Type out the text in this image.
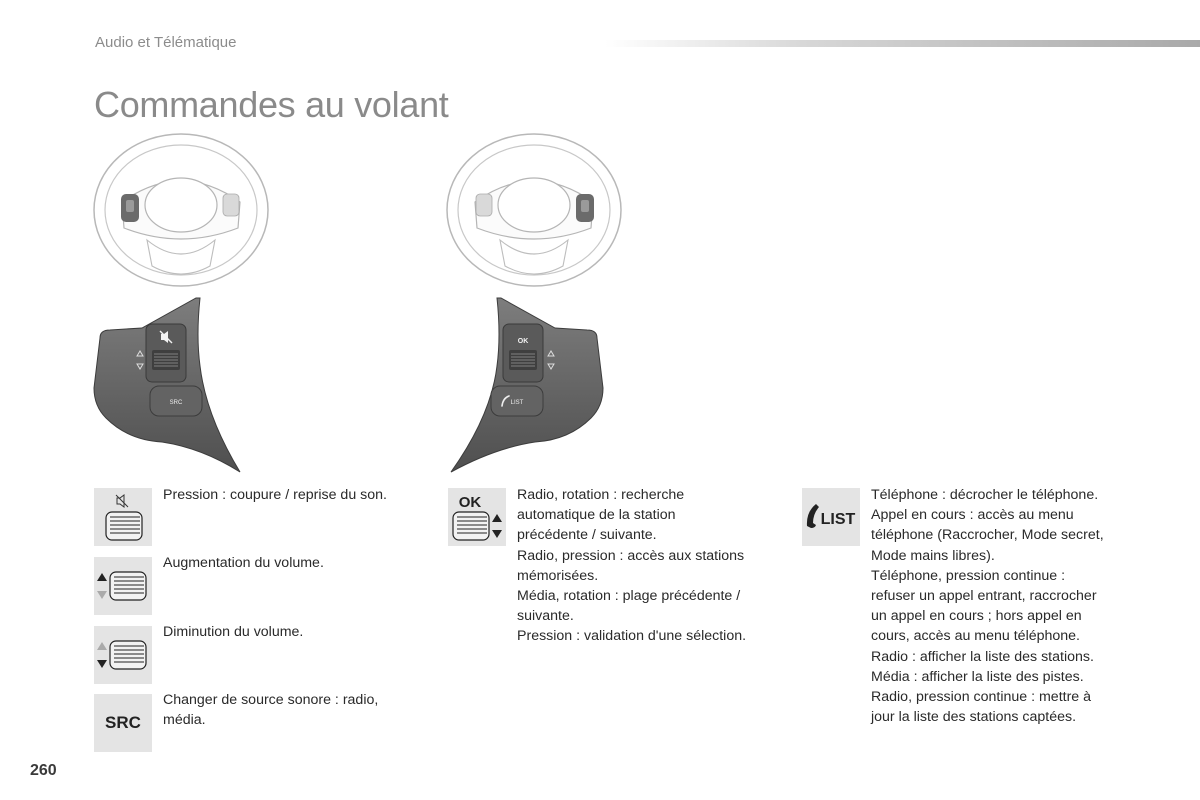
Audio et Télématique
Commandes au volant
SRC
OK
LIST
Pression : coupure / reprise du son.
Augmentation du volume.
Diminution du volume.
SRC
Changer de source sonore : radio, média.
OK	Radio, rotation : recherche
automatique de la station
précédente / suivante.
Radio, pression : accès aux stations
mémorisées.
Média, rotation : plage précédente /
suivante.
Pression : validation d'une sélection.
LIST
Téléphone : décrocher le téléphone.
Appel en cours : accès au menu
téléphone (Raccrocher, Mode secret,
Mode mains libres).
Téléphone, pression continue :
refuser un appel entrant, raccrocher
un appel en cours ; hors appel en
cours, accès au menu téléphone.
Radio : afficher la liste des stations.
Média : afficher la liste des pistes.
Radio, pression continue : mettre à
jour la liste des stations captées.
260
